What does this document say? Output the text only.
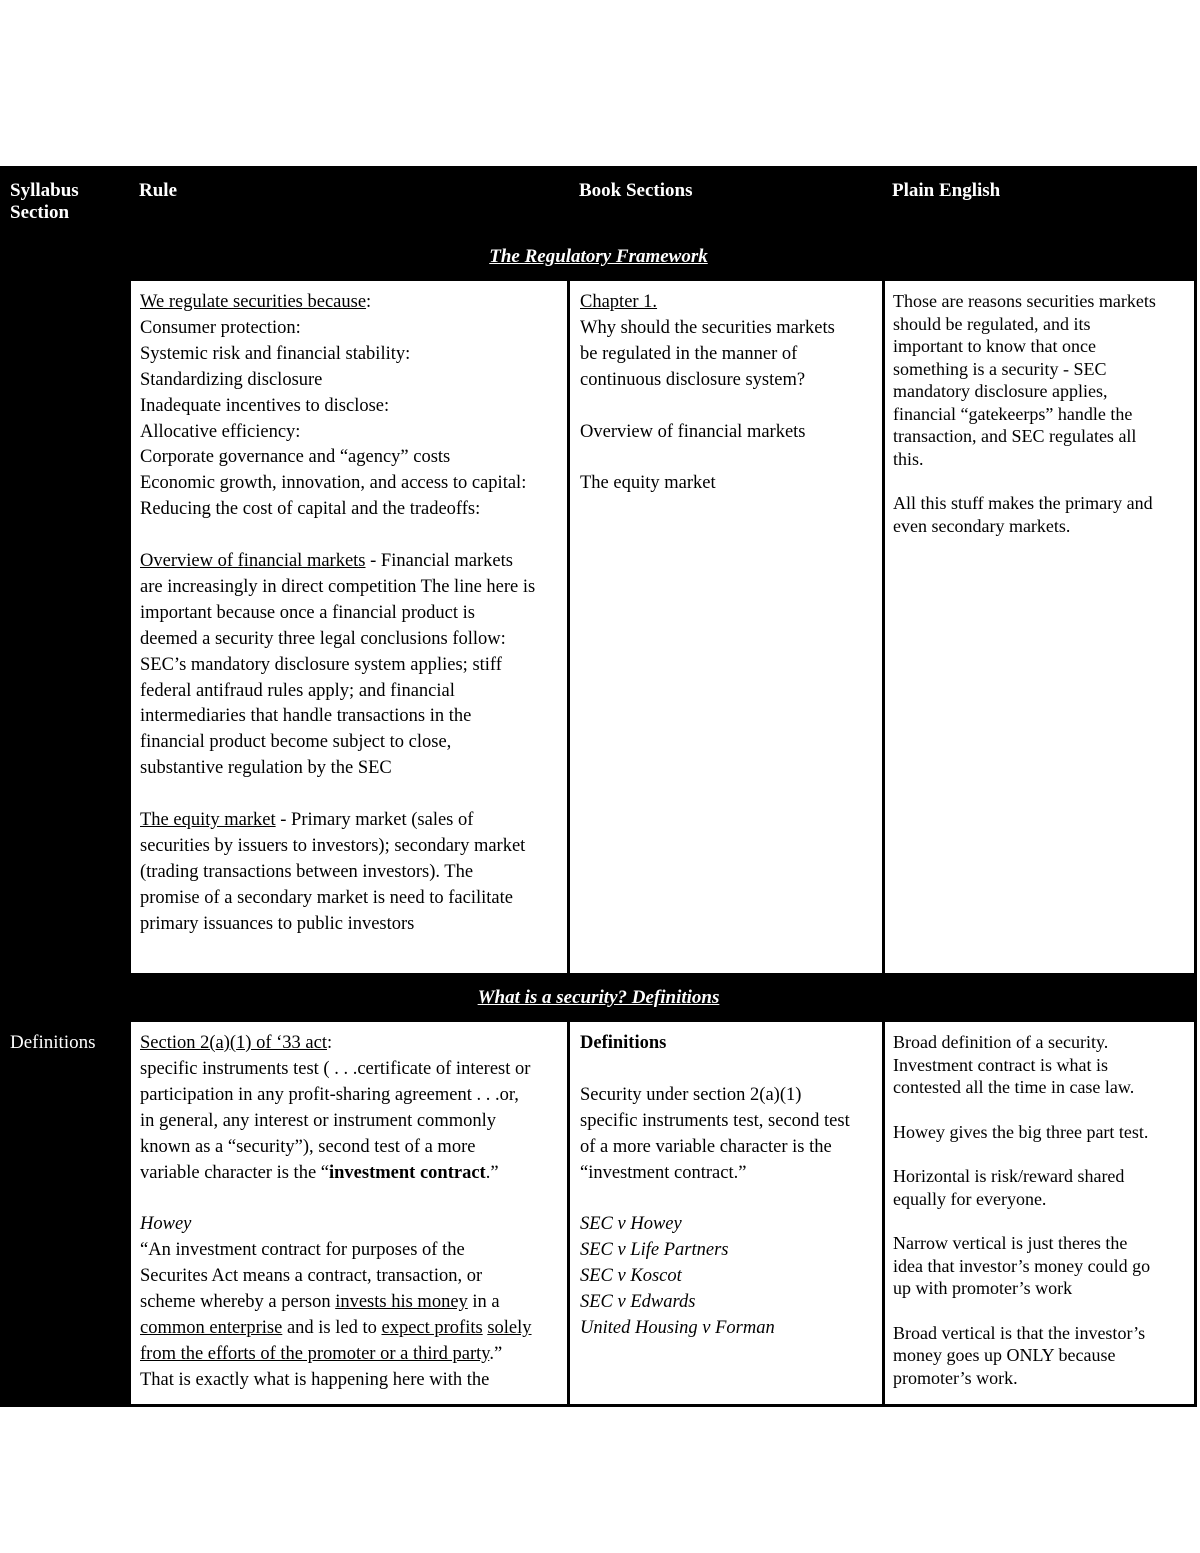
Syllabus
Section
Rule	Book Sections	Plain English
The Regulatory Framework
We regulate securities because:
Consumer protection:
Systemic risk and financial stability:
Standardizing disclosure
Inadequate incentives to disclose:
Allocative efficiency:
Corporate governance and “agency” costs
Economic growth, innovation, and access to capital:
Reducing the cost of capital and the tradeoffs:
Overview of financial markets - Financial markets
are increasingly in direct competition The line here is
important because once a financial product is
deemed a security three legal conclusions follow:
SEC’s mandatory disclosure system applies; stiff
federal antifraud rules apply; and financial
intermediaries that handle transactions in the
financial product become subject to close,
substantive regulation by the SEC
The equity market - Primary market (sales of
securities by issuers to investors); secondary market
(trading transactions between investors). The
promise of a secondary market is need to facilitate
primary issuances to public investors
Chapter 1.
Why should the securities markets
be regulated in the manner of
continuous disclosure system?
Overview of financial markets
The equity market
Those are reasons securities markets
should be regulated, and its
important to know that once
something is a security - SEC
mandatory disclosure applies,
financial “gatekeerps” handle the
transaction, and SEC regulates all
this.
All this stuff makes the primary and
even secondary markets.
What is a security? Definitions
Definitions Section 2(a)(1) of ‘33 act:
specific instruments test ( . . .certificate of interest or
participation in any profit-sharing agreement . . .or,
in general, any interest or instrument commonly
known as a “security”), second test of a more
variable character is the “investment contract.”
Howey
“An investment contract for purposes of the
Securites Act means a contract, transaction, or
scheme whereby a person invests his money in a
common enterprise and is led to expect profits solely
from the efforts of the promoter or a third party.”
That is exactly what is happening here with the
Definitions
Security under section 2(a)(1)
specific instruments test, second test
of a more variable character is the
“investment contract.”
SEC v Howey
SEC v Life Partners
SEC v Koscot
SEC v Edwards
United Housing v Forman
Broad definition of a security.
Investment contract is what is
contested all the time in case law.
Howey gives the big three part test.
Horizontal is risk/reward shared
equally for everyone.
Narrow vertical is just theres the
idea that investor’s money could go
up with promoter’s work
Broad vertical is that the investor’s
money goes up ONLY because
promoter’s work.
